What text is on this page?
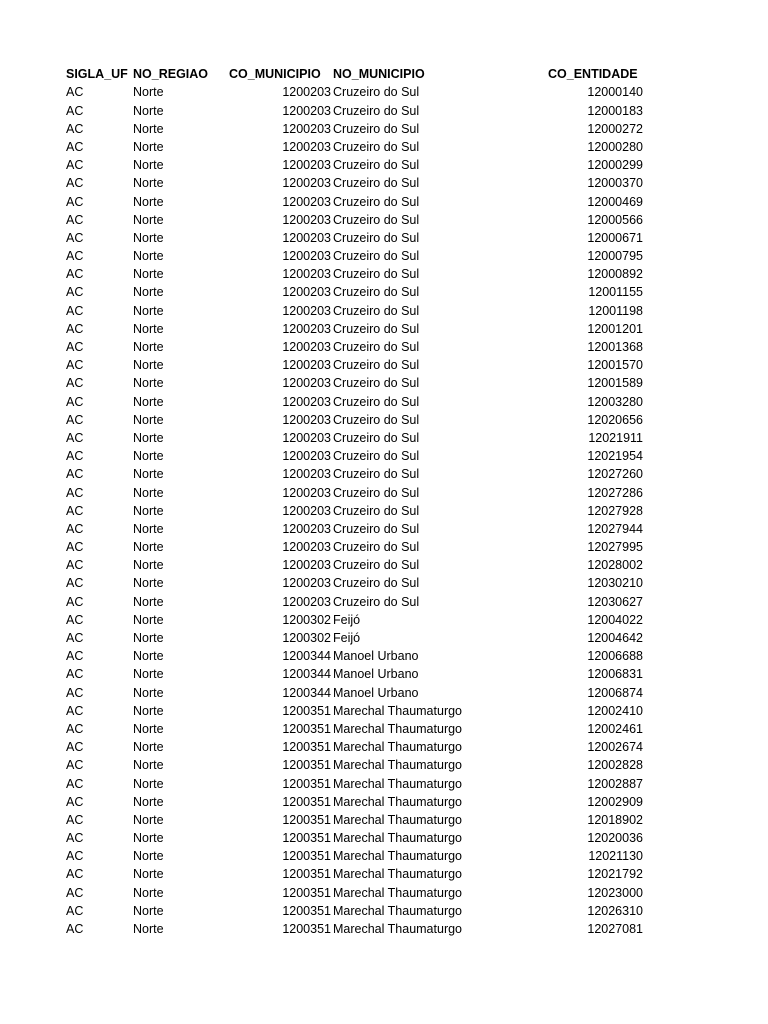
SIGLA_UF NO_REGIAO CO_MUNICIPIO NO_MUNICIPIO	CO_ENTIDADE
AC	Norte	1200203 Cruzeiro do Sul	12000140
AC	Norte	1200203 Cruzeiro do Sul	12000183
AC	Norte	1200203 Cruzeiro do Sul	12000272
AC	Norte	1200203 Cruzeiro do Sul	12000280
AC	Norte	1200203 Cruzeiro do Sul	12000299
AC	Norte	1200203 Cruzeiro do Sul	12000370
AC	Norte	1200203 Cruzeiro do Sul	12000469
AC	Norte	1200203 Cruzeiro do Sul	12000566
AC	Norte	1200203 Cruzeiro do Sul	12000671
AC	Norte	1200203 Cruzeiro do Sul	12000795
AC	Norte	1200203 Cruzeiro do Sul	12000892
AC	Norte	1200203 Cruzeiro do Sul	12001155
AC	Norte	1200203 Cruzeiro do Sul	12001198
AC	Norte	1200203 Cruzeiro do Sul	12001201
AC	Norte	1200203 Cruzeiro do Sul	12001368
AC	Norte	1200203 Cruzeiro do Sul	12001570
AC	Norte	1200203 Cruzeiro do Sul	12001589
AC	Norte	1200203 Cruzeiro do Sul	12003280
AC	Norte	1200203 Cruzeiro do Sul	12020656
AC	Norte	1200203 Cruzeiro do Sul	12021911
AC	Norte	1200203 Cruzeiro do Sul	12021954
AC	Norte	1200203 Cruzeiro do Sul	12027260
AC	Norte	1200203 Cruzeiro do Sul	12027286
AC	Norte	1200203 Cruzeiro do Sul	12027928
AC	Norte	1200203 Cruzeiro do Sul	12027944
AC	Norte	1200203 Cruzeiro do Sul	12027995
AC	Norte	1200203 Cruzeiro do Sul	12028002
AC	Norte	1200203 Cruzeiro do Sul	12030210
AC	Norte	1200203 Cruzeiro do Sul	12030627
AC	Norte	1200302 Feijó	12004022
AC	Norte	1200302 Feijó	12004642
AC	Norte	1200344 Manoel Urbano	12006688
AC	Norte	1200344 Manoel Urbano	12006831
AC	Norte	1200344 Manoel Urbano	12006874
AC	Norte	1200351 Marechal Thaumaturgo	12002410
AC	Norte	1200351 Marechal Thaumaturgo	12002461
AC	Norte	1200351 Marechal Thaumaturgo	12002674
AC	Norte	1200351 Marechal Thaumaturgo	12002828
AC	Norte	1200351 Marechal Thaumaturgo	12002887
AC	Norte	1200351 Marechal Thaumaturgo	12002909
AC	Norte	1200351 Marechal Thaumaturgo	12018902
AC	Norte	1200351 Marechal Thaumaturgo	12020036
AC	Norte	1200351 Marechal Thaumaturgo	12021130
AC	Norte	1200351 Marechal Thaumaturgo	12021792
AC	Norte	1200351 Marechal Thaumaturgo	12023000
AC	Norte	1200351 Marechal Thaumaturgo	12026310
AC	Norte	1200351 Marechal Thaumaturgo	12027081
